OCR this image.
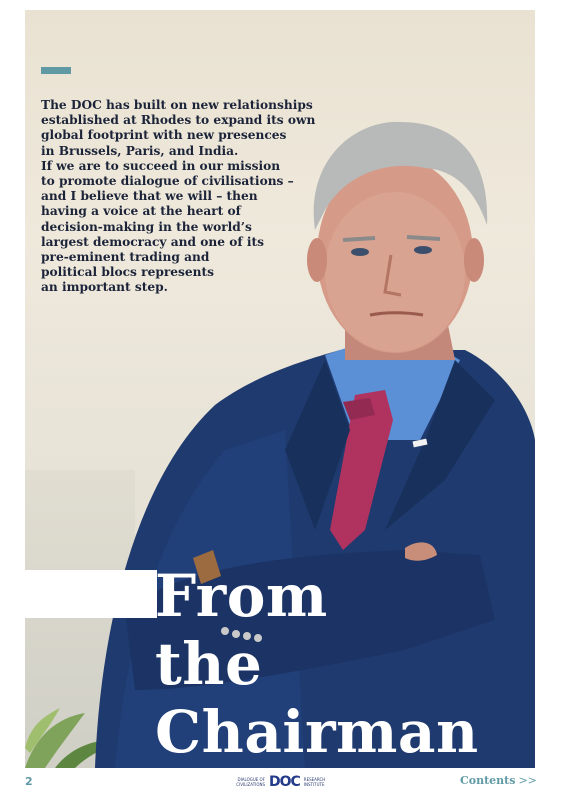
The DOC has built on new relationships
established at Rhodes to expand its own
global footprint with new presences
in Brussels, Paris, and India.
If we are to succeed in our mission
to promote dialogue of civilisations –
and I believe that we will – then
having a voice at the heart of
decision-making in the world’s
largest democracy and one of its
pre-eminent trading and
political blocs represents
an important step.

From
the
Chairman
2	DIALOGUE OF CIVILIZATIONS DOC RESEARCH INSTITUTE	Contents >>
